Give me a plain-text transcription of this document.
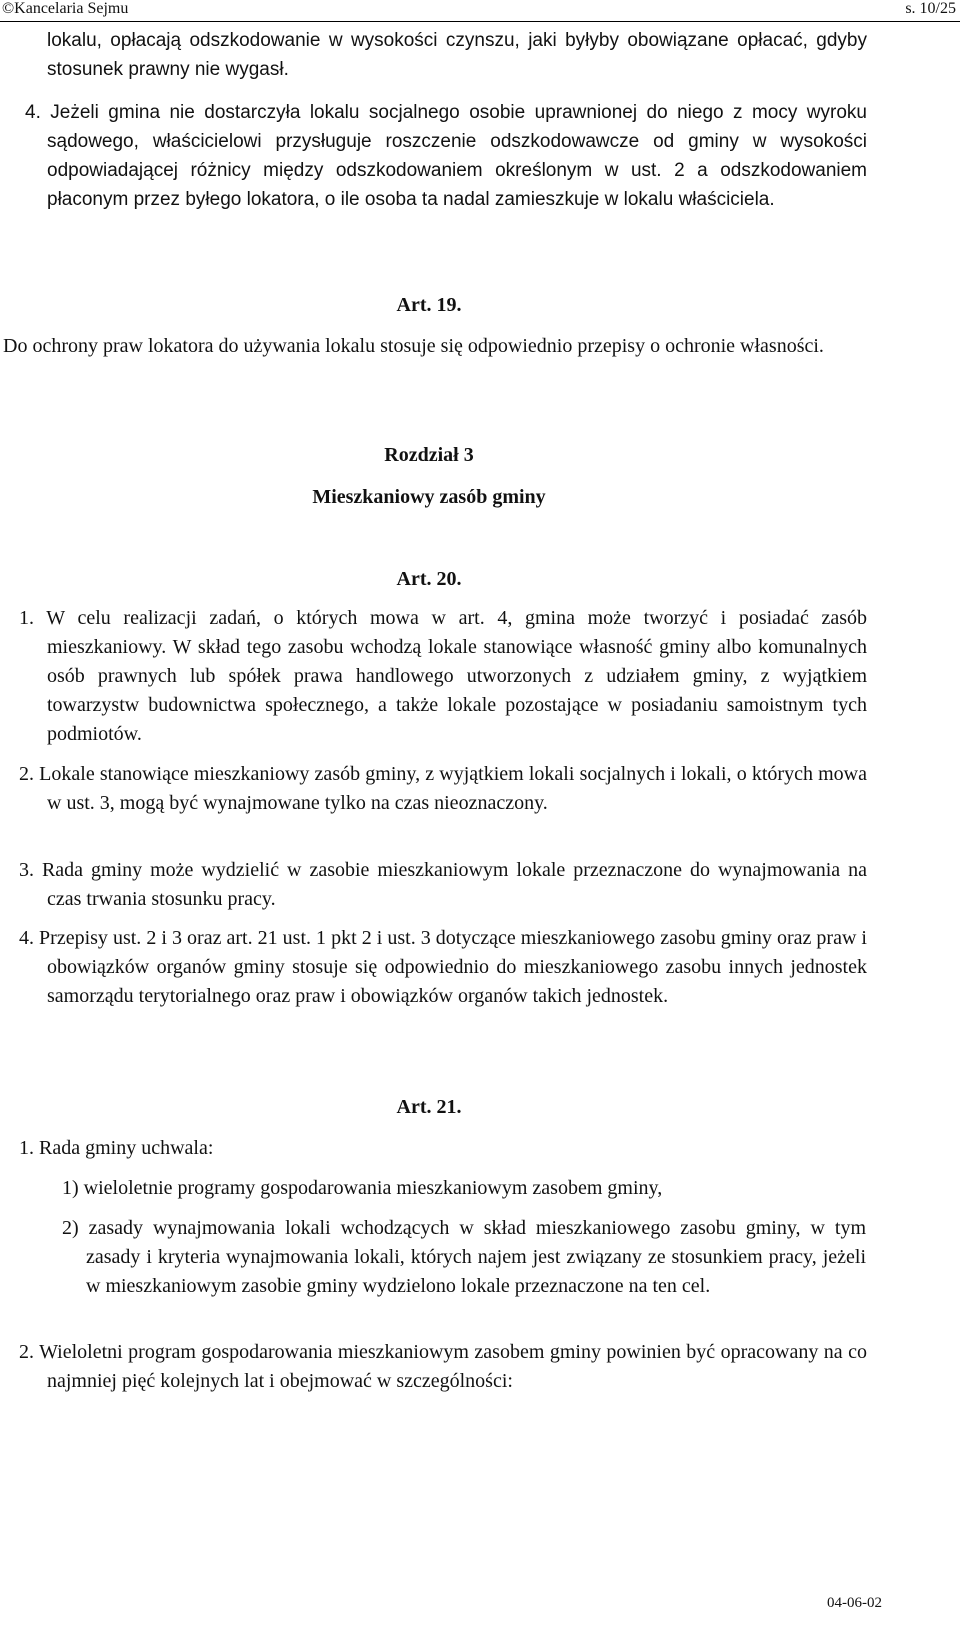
©Kancelaria Sejmu	s. 10/25
lokalu, opłacają odszkodowanie w wysokości czynszu, jaki byłyby obowiązane opłacać, gdyby stosunek prawny nie wygasł.
4. Jeżeli gmina nie dostarczyła lokalu socjalnego osobie uprawnionej do niego z mocy wyroku sądowego, właścicielowi przysługuje roszczenie odszkodowawcze od gminy w wysokości odpowiadającej różnicy między odszkodowaniem określonym w ust. 2 a odszkodowaniem płaconym przez byłego lokatora, o ile osoba ta nadal zamieszkuje w lokalu właściciela.
Art. 19.
Do ochrony praw lokatora do używania lokalu stosuje się odpowiednio przepisy o ochronie własności.
Rozdział 3
Mieszkaniowy zasób gminy
Art. 20.
1. W celu realizacji zadań, o których mowa w art. 4, gmina może tworzyć i posiadać zasób mieszkaniowy. W skład tego zasobu wchodzą lokale stanowiące własność gminy albo komunalnych osób prawnych lub spółek prawa handlowego utworzonych z udziałem gminy, z wyjątkiem towarzystw budownictwa społecznego, a także lokale pozostające w posiadaniu samoistnym tych podmiotów.
2. Lokale stanowiące mieszkaniowy zasób gminy, z wyjątkiem lokali socjalnych i lokali, o których mowa w ust. 3, mogą być wynajmowane tylko na czas nieoznaczony.
3. Rada gminy może wydzielić w zasobie mieszkaniowym lokale przeznaczone do wynajmowania na czas trwania stosunku pracy.
4. Przepisy ust. 2 i 3 oraz art. 21 ust. 1 pkt 2 i ust. 3 dotyczące mieszkaniowego zasobu gminy oraz praw i obowiązków organów gminy stosuje się odpowiednio do mieszkaniowego zasobu innych jednostek samorządu terytorialnego oraz praw i obowiązków organów takich jednostek.
Art. 21.
1. Rada gminy uchwala:
1) wieloletnie programy gospodarowania mieszkaniowym zasobem gminy,
2) zasady wynajmowania lokali wchodzących w skład mieszkaniowego zasobu gminy, w tym zasady i kryteria wynajmowania lokali, których najem jest związany ze stosunkiem pracy, jeżeli w mieszkaniowym zasobie gminy wydzielono lokale przeznaczone na ten cel.
2. Wieloletni program gospodarowania mieszkaniowym zasobem gminy powinien być opracowany na co najmniej pięć kolejnych lat i obejmować w szczególności:
04-06-02
